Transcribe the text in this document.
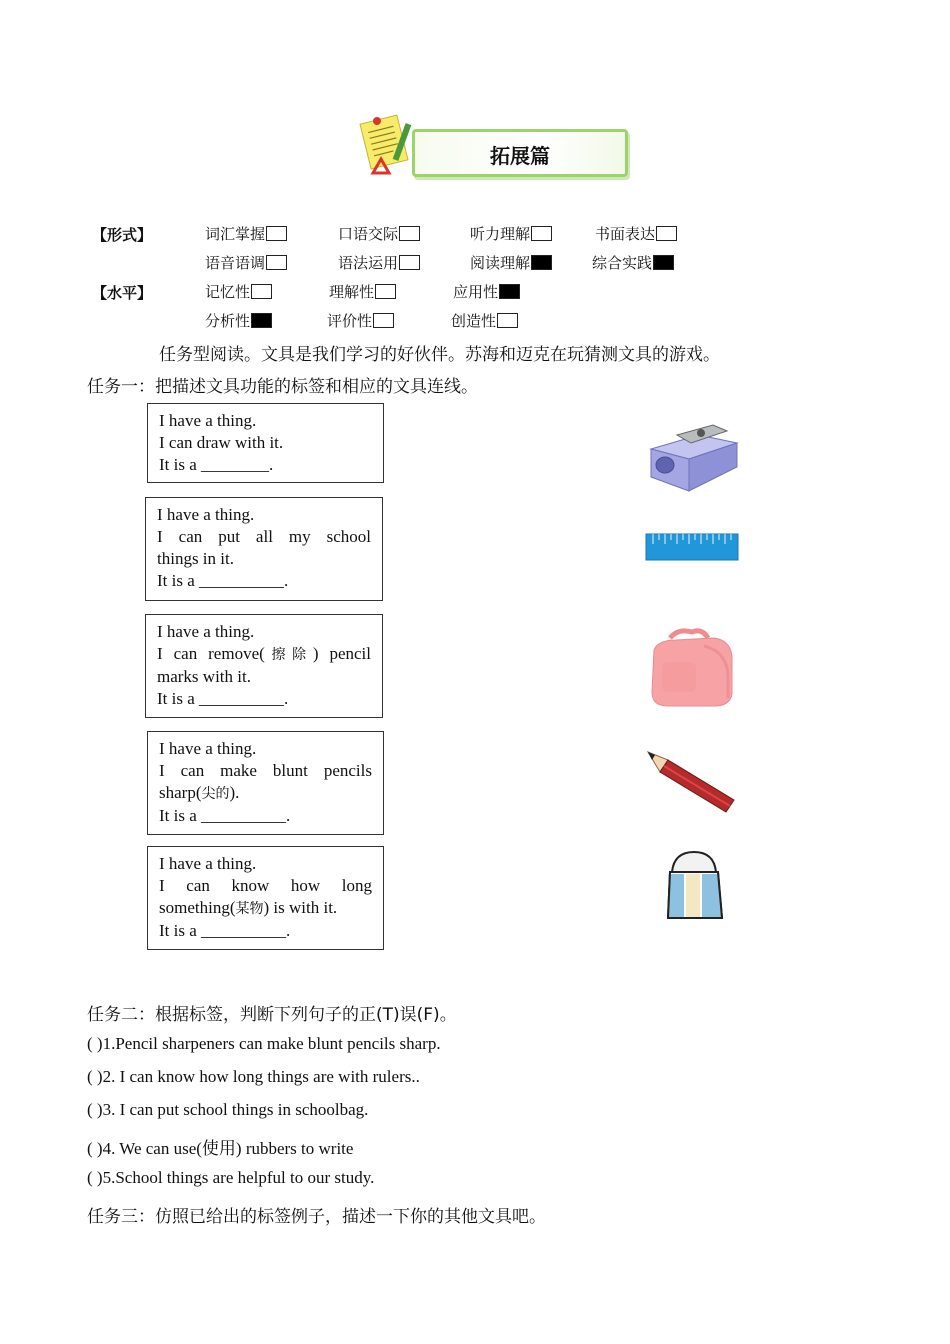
拓展篇
【形式】
【水平】
词汇掌握	口语交际	听力理解	书面表达
语音语调	语法运用	阅读理解	综合实践
记忆性	理解性	应用性
分析性	评价性	创造性
任务型阅读。文具是我们学习的好伙伴。苏海和迈克在玩猜测文具的游戏。
任务一：把描述文具功能的标签和相应的文具连线。
I have a thing.
I can draw with it.
It is a ________.
I have a thing.
I can put all my school
things in it.
It is a __________.
I have a thing.
I can remove(擦除) pencil
marks with it.
It is a __________.
I have a thing.
I can make blunt pencils
sharp(尖的).
It is a __________.
I have a thing.
I can know how long
something(某物) is with it.
It is a __________.
任务二：根据标签，判断下列句子的正(T)误(F)。
( )1.Pencil sharpeners can make blunt pencils sharp.
( )2. I can know how long things are with rulers..
( )3. I can put school things in schoolbag.
( )4. We can use(使用) rubbers to write
( )5.School things are helpful to our study.
任务三：仿照已给出的标签例子，描述一下你的其他文具吧。
